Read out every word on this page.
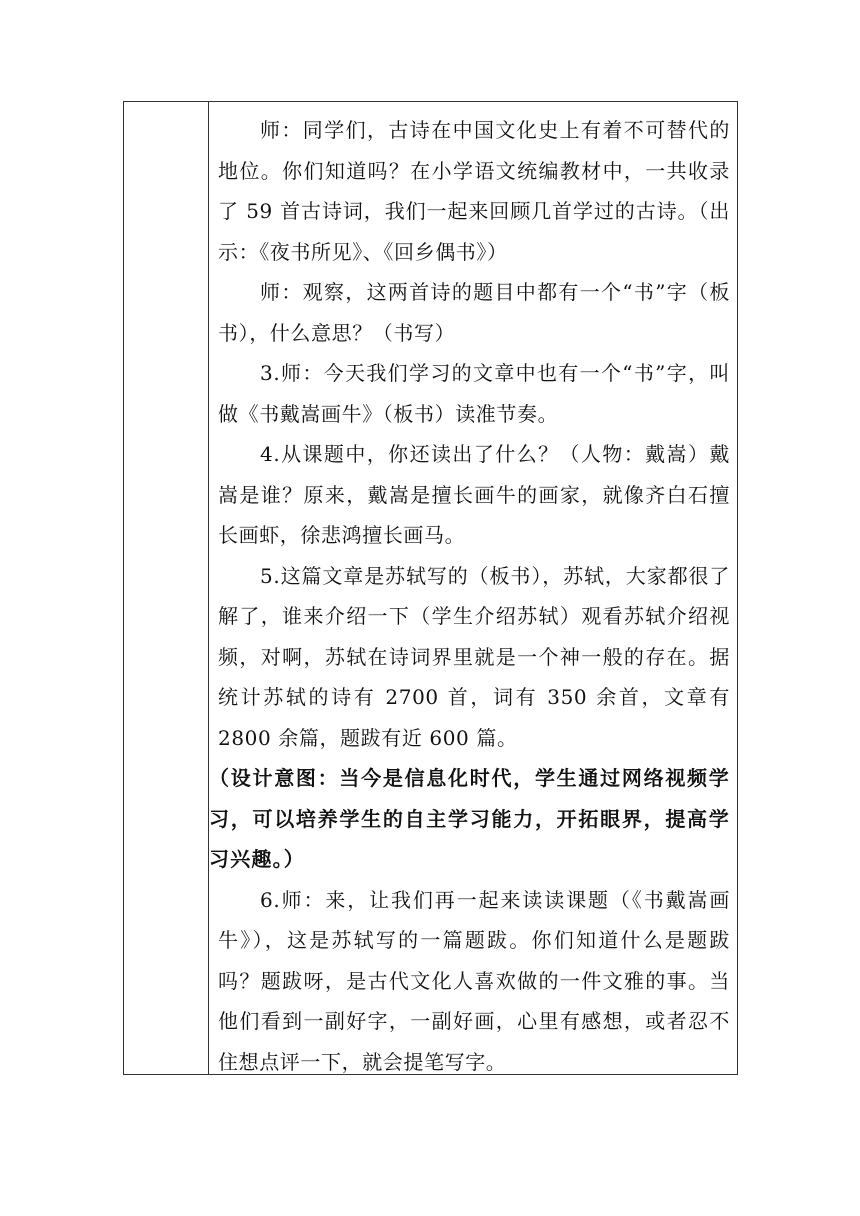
师：同学们，古诗在中国文化史上有着不可替代的地位。你们知道吗？在小学语文统编教材中，一共收录了 59 首古诗词，我们一起来回顾几首学过的古诗。（出示：《夜书所见》、《回乡偶书》）

师：观察，这两首诗的题目中都有一个“书”字（板书），什么意思？（书写）

3.师：今天我们学习的文章中也有一个“书”字，叫做《书戴嵩画牛》（板书）读准节奏。

4.从课题中，你还读出了什么？（人物：戴嵩）戴嵩是谁？原来，戴嵩是擅长画牛的画家，就像齐白石擅长画虾，徐悲鸿擅长画马。

5.这篇文章是苏轼写的（板书），苏轼，大家都很了解了，谁来介绍一下（学生介绍苏轼）观看苏轼介绍视频，对啊，苏轼在诗词界里就是一个神一般的存在。据统计苏轼的诗有 2700 首，词有 350 余首，文章有 2800 余篇，题跋有近 600 篇。

（设计意图：当今是信息化时代，学生通过网络视频学习，可以培养学生的自主学习能力，开拓眼界，提高学习兴趣。）

6.师：来，让我们再一起来读读课题（《书戴嵩画牛》），这是苏轼写的一篇题跋。你们知道什么是题跋吗？题跋呀，是古代文化人喜欢做的一件文雅的事。当他们看到一副好字，一副好画，心里有感想，或者忍不住想点评一下，就会提笔写字。
